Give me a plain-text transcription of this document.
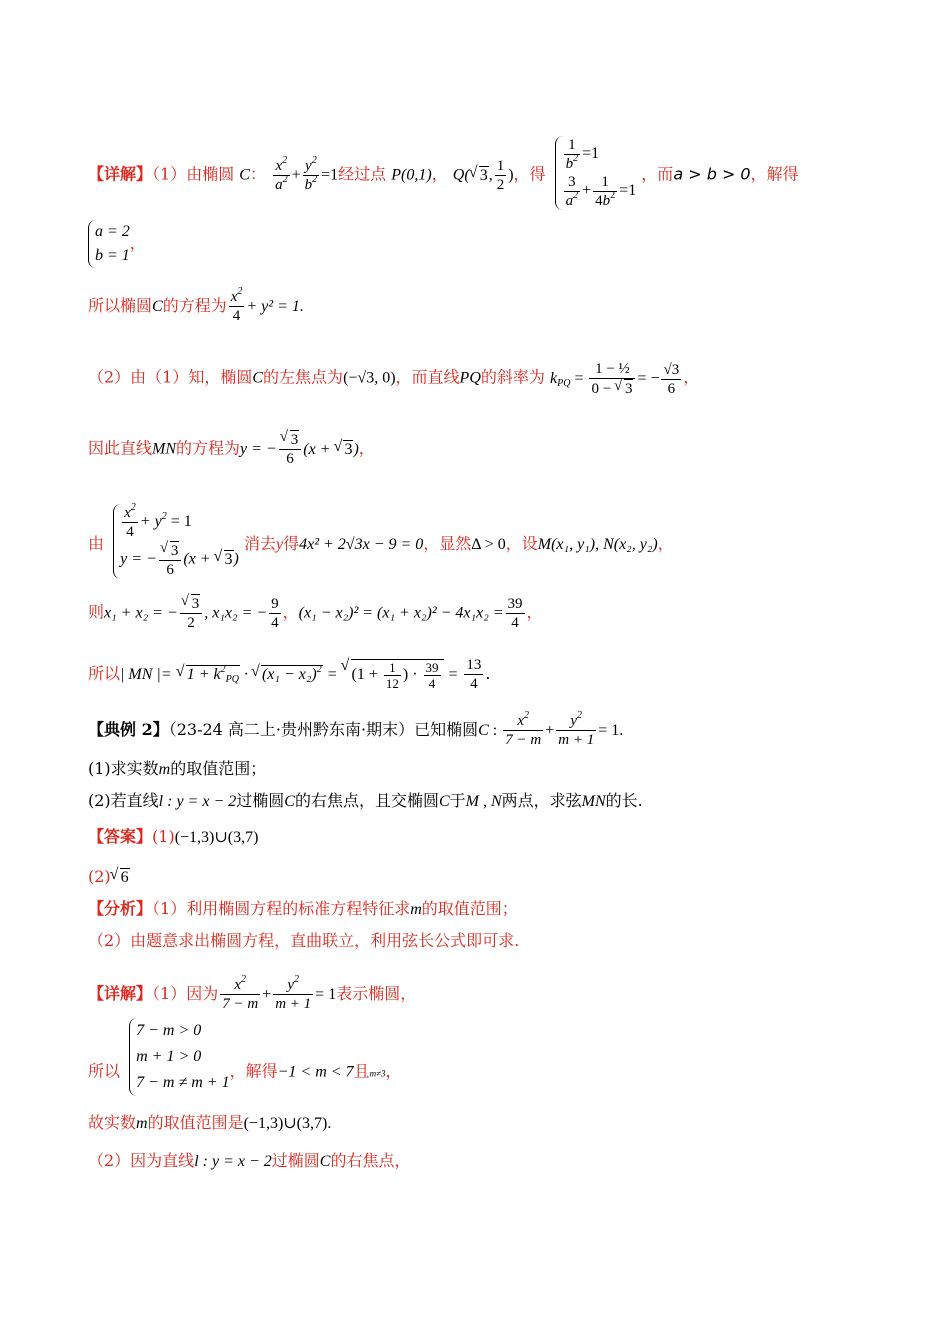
【详解】（1）由椭圆 C： $\frac{x^2}{a^2} + \frac{y^2}{b^2} =1$经过点 P(0,1)， Q( √ 3, $\frac{1}{2}$ )，得
$\frac{1}{b^2} =1$
$\frac{3}{a^2} + \frac{1}{4b^2} =1$
，而a > b > 0，解得
a = 2
b = 1
，
所以椭圆C的方程为 $\frac{x^2}{4} + y^2 = 1$.
（2）由（1）知，椭圆C的左焦点为(−√3, 0)，而直线PQ的斜率为 $k_{PQ} = \frac{\text{1 − ½}}{0 - √ 3}$ = − $\frac{√3}{6}$ ，
因此直线MN的方程为y = − √ $\frac{3}{6} (x$ + √ 3)，
由
$\frac{x^2}{4} + y^2 = 1$
y = − √ $\frac{3}{6} (x$ + √ 3)
消去y得4x² + 2√3x − 9 = 0，显然Δ > 0，设M(x₁, y₁), N(x₂, y₂)，
则x₁ + x₂ = − √ $\frac{3}{2}$ , x₁x₂ = − $\frac{9}{4}$ ，$(x_1 - x_2)^2 = (x_1 + x_2)^2 - 4x_1x_2 = \frac{39}{4}$ ，
所以| MN |= √ $1 + k^2_{PQ}$ · √ $(x_1 - x_2)^2$ = √ ($1 + \frac{1}{12}$ ) · $\frac{39}{4} = \frac{13}{4}$ .
【典例 2】（23-24 高二上·贵州黔东南·期末）已知椭圆C : $\frac{x^2}{7 - m} + \frac{y^2}{m + 1} = 1$.
(1)求实数m的取值范围；
(2)若直线l : y = x − 2过椭圆C的右焦点，且交椭圆C于M , N两点，求弦MN的长.
【答案】(1)(−1,3)∪(3,7)
(2) √ 6
【分析】（1）利用椭圆方程的标准方程特征求m的取值范围；
（2）由题意求出椭圆方程，直曲联立，利用弦长公式即可求.
【详解】（1）因为 $\frac{x^2}{7 - m} + \frac{y^2}{m + 1} = 1$表示椭圆，
所以
7 − m > 0
m + 1 > 0
7 − m ≠ m + 1
，解得−1 < m < 7且m≠3，
故实数m的取值范围是(−1,3)∪(3,7).
（2）因为直线l : y = x − 2过椭圆C的右焦点，
